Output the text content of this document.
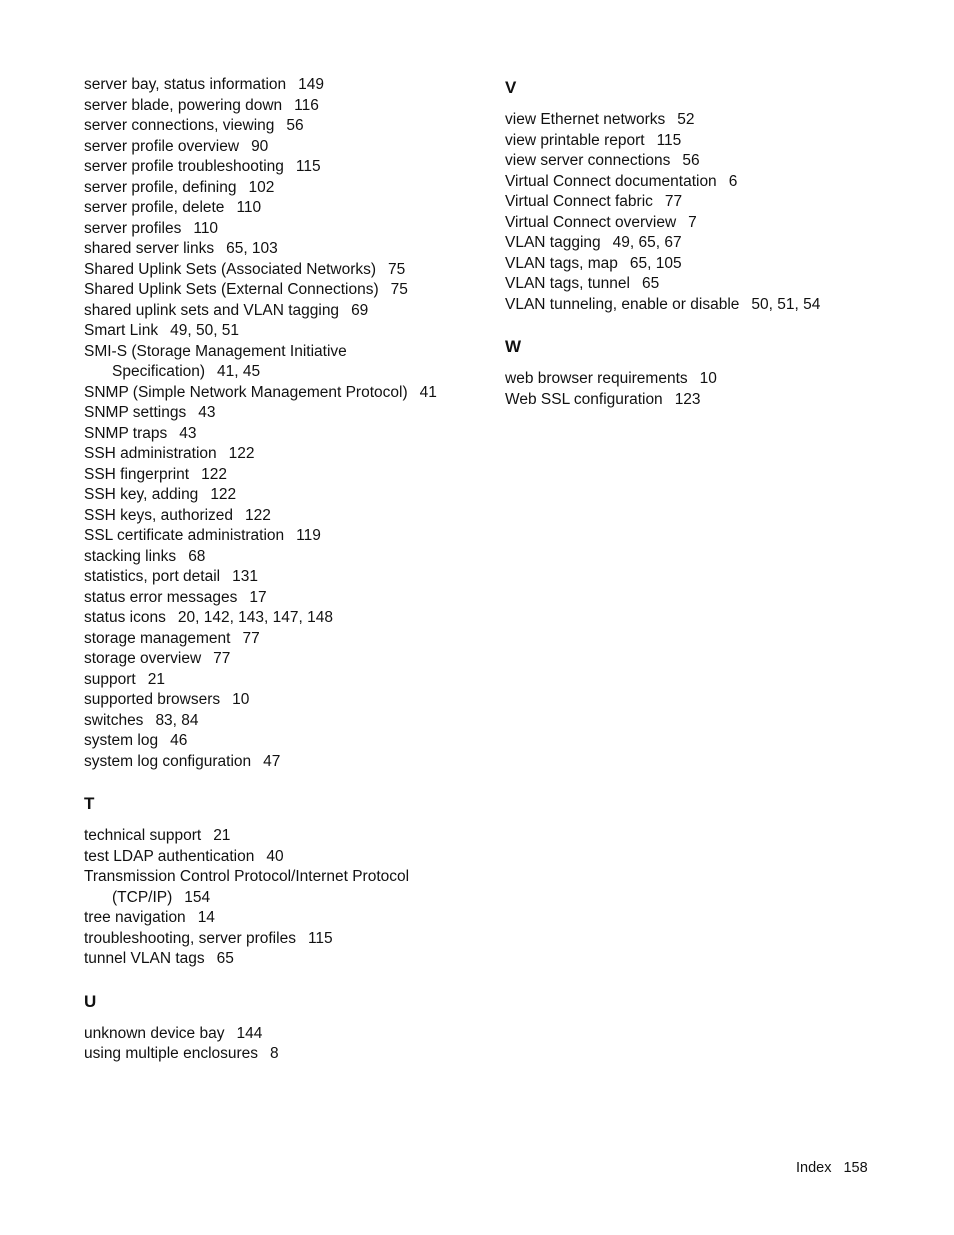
server bay, status information 149
server blade, powering down 116
server connections, viewing 56
server profile overview 90
server profile troubleshooting 115
server profile, defining 102
server profile, delete 110
server profiles 110
shared server links 65, 103
Shared Uplink Sets (Associated Networks) 75
Shared Uplink Sets (External Connections) 75
shared uplink sets and VLAN tagging 69
Smart Link 49, 50, 51
SMI-S (Storage Management Initiative
Specification) 41, 45
SNMP (Simple Network Management Protocol) 41
SNMP settings 43
SNMP traps 43
SSH administration 122
SSH fingerprint 122
SSH key, adding 122
SSH keys, authorized 122
SSL certificate administration 119
stacking links 68
statistics, port detail 131
status error messages 17
status icons 20, 142, 143, 147, 148
storage management 77
storage overview 77
support 21
supported browsers 10
switches 83, 84
system log 46
system log configuration 47
T
technical support 21
test LDAP authentication 40
Transmission Control Protocol/Internet Protocol
(TCP/IP) 154
tree navigation 14
troubleshooting, server profiles 115
tunnel VLAN tags 65
U
unknown device bay 144
using multiple enclosures 8
V
view Ethernet networks 52
view printable report 115
view server connections 56
Virtual Connect documentation 6
Virtual Connect fabric 77
Virtual Connect overview 7
VLAN tagging 49, 65, 67
VLAN tags, map 65, 105
VLAN tags, tunnel 65
VLAN tunneling, enable or disable 50, 51, 54
W
web browser requirements 10
Web SSL configuration 123
Index 158
